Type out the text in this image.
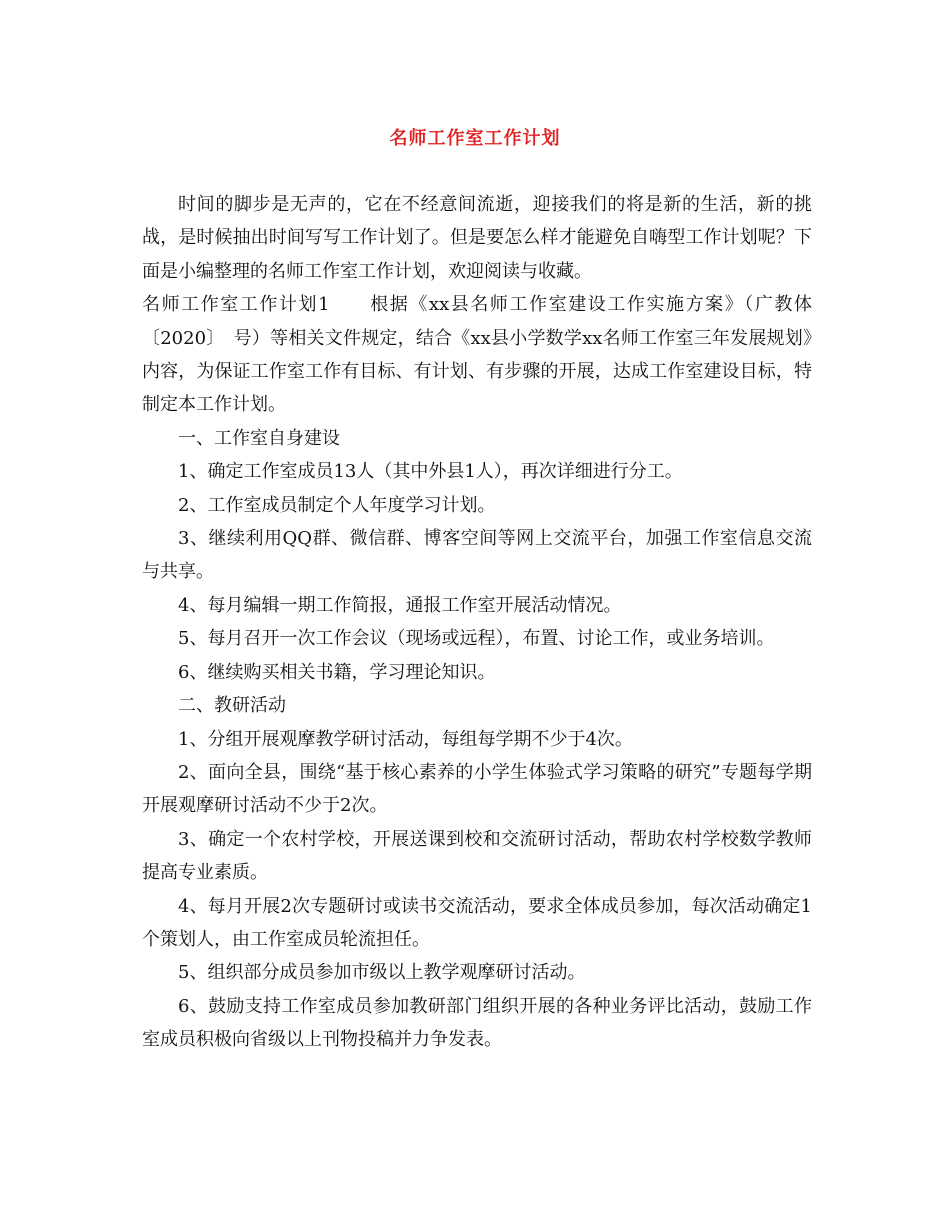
名师工作室工作计划

时间的脚步是无声的，它在不经意间流逝，迎接我们的将是新的生活，新的挑战，是时候抽出时间写写工作计划了。但是要怎么样才能避免自嗨型工作计划呢？下面是小编整理的名师工作室工作计划，欢迎阅读与收藏。

名师工作室工作计划1　　根据《xx县名师工作室建设工作实施方案》（广教体〔2020〕　号）等相关文件规定，结合《xx县小学数学xx名师工作室三年发展规划》内容，为保证工作室工作有目标、有计划、有步骤的开展，达成工作室建设目标，特制定本工作计划。

一、工作室自身建设

1、确定工作室成员13人（其中外县1人），再次详细进行分工。

2、工作室成员制定个人年度学习计划。

3、继续利用QQ群、微信群、博客空间等网上交流平台，加强工作室信息交流与共享。

4、每月编辑一期工作简报，通报工作室开展活动情况。

5、每月召开一次工作会议（现场或远程），布置、讨论工作，或业务培训。

6、继续购买相关书籍，学习理论知识。

二、教研活动

1、分组开展观摩教学研讨活动，每组每学期不少于4次。

2、面向全县，围绕“基于核心素养的小学生体验式学习策略的研究”专题每学期开展观摩研讨活动不少于2次。

3、确定一个农村学校，开展送课到校和交流研讨活动，帮助农村学校数学教师提高专业素质。

4、每月开展2次专题研讨或读书交流活动，要求全体成员参加，每次活动确定1个策划人，由工作室成员轮流担任。

5、组织部分成员参加市级以上教学观摩研讨活动。

6、鼓励支持工作室成员参加教研部门组织开展的各种业务评比活动，鼓励工作室成员积极向省级以上刊物投稿并力争发表。
